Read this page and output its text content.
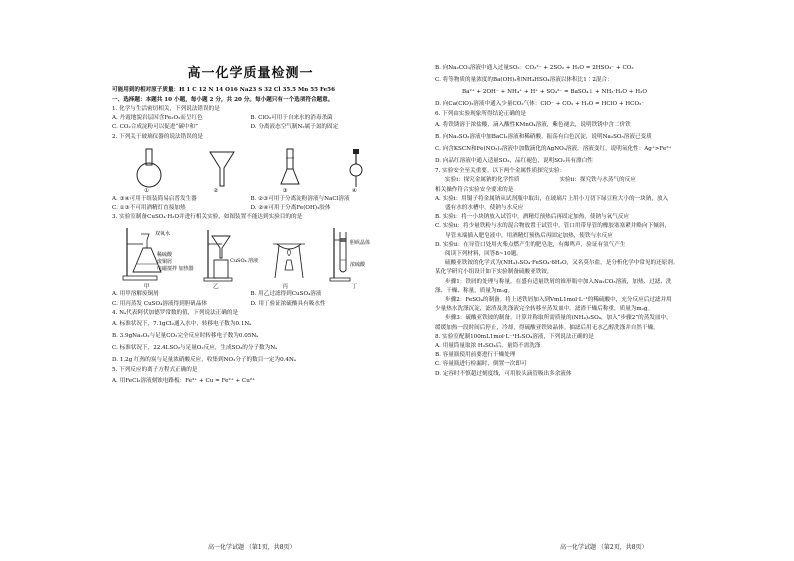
高一化学质量检测一
可能用到的相对原子质量：H 1 C 12 N 14 O16 Na23 S 32 Cl 35.5 Mn 55 Fe56
一、选择题：本题共 10 小题，每小题 2 分，共 20 分。每小题只有一个选项符合题意。
1. 化学与生活密切相关，下列说法错误的是
A. 丹霞地貌岩层因含Fe₂O₃而呈红色	B. ClO₂可用于自来水的消毒杀菌
C. CO₂合成淀粉可以促进“碳中和”	D. 分离液态空气制N₂属于氮的固定
2. 下列关于玻璃仪器的说法错误的是
①	②	③	④
A. ③④可用于组装简易启普发生器	B. ②③可用于分离淀粉溶液与NaCl溶液
C. ①③不可用酒精灯直接加热	D. ②④可用于分离Fe(OH)₃胶体
3. 实验室制备CuSO₄·H₂O并进行相关实验，如图装置不能达到实验目的的是
双氧水
稀硫酸
废铜屑
电磁搅拌 加热器
CuSO₄ 溶液
胆矾晶体
浓硫酸
甲	乙	丙	丁
A. 用甲溶解废铜屑	B. 用乙过滤得到CuSO₄溶液
C. 用丙蒸发 CuSO₄溶液得到胆矾晶体	D. 用丁验证浓硫酸具有吸水性
4. Nₐ代表阿伏加德罗常数的值，下列说法正确的是
A. 标准状况下，7.1gCl₂通入水中，转移电子数为0.1Nₐ
B. 3.9gNa₂O₂与足量CO₂完全反应时转移电子数为0.05Nₐ
C. 标准状况下，22.4LSO₂与足量O₂反应，生成SO₃的分子数为Nₐ
D. 1.2g 红热的炭与足量浓硝酸反应，收集到NO₂分子的数目一定为0.4Nₐ
5. 下列反应的离子方程式正确的是
A. 用FeCl₃溶液刻蚀电路板：Fe³⁺ + Cu = Fe²⁺ + Cu²⁺
高一化学试题 （第1页，共8页）
B. 向Na₂CO₃溶液中通入过量SO₂：CO₃²⁻ + 2SO₂ + H₂O = 2HSO₃⁻ + CO₂
C. 将等物质的量浓度的Ba(OH)₂和NH₄HSO₄溶液以体积比1∶2混合：
Ba²⁺ + 2OH⁻ + NH₄⁺ + H⁺ + SO₄²⁻ = BaSO₄↓ + NH₃·H₂O + H₂O
D. 向Ca(ClO)₂溶液中通入少量CO₂气体：ClO⁻ + CO₂ + H₂O = HClO + HCO₃⁻
6. 下列由实验现象所得结论正确的是
A. 将铁锈溶于浓盐酸，滴入酸性KMnO₄溶液，紫色褪去，说明铁锈中含二价铁
B. 向Na₂SO₃溶液中加BaCl₂溶液和稀硝酸，振荡有白色沉淀，说明Na₂SO₃溶液已变质
C. 向含KSCN和Fe(NO₃)₂溶液中加数滴化的AgNO₃溶液，溶液变红，说明氧化性：Ag⁺>Fe³⁺
D. 向品红溶液中通入适量SO₂，品红褪色，说明SO₂具有漂白性
7. 实验安全至关重要。以下两个金属性质探究实验：
实验i：探究金属钠的化学性质	实验ii：探究铁与水蒸气的反应
相关操作符合实验安全要求的是
A. 实验i：用镊子将金属钠从试剂瓶中取出，在玻璃片上用小刀切下绿豆粒大小的一块钠，放入
盛有水的水槽中，使钠与水反应
B. 实验i：将一小块钠放入试管中，酒精灯预热后再固定加热，使钠与氧气反应
C. 实验ii：将少量铁粉与水的混合物放置于试管中，管口用带导管的橡胶塞塞紧并略向下倾斜，
导管末端插入肥皂液中，用酒精灯预热后再固定加热，使铁与水反应
D. 实验ii：在导管口处用火柴点燃产生的肥皂泡，有爆鸣声，验证有氢气产生
阅读下列材料，回答8~10题。
硫酸亚铁铵的化学式为(NH₄)₂SO₄·FeSO₄·6H₂O，又名莫尔盐，是分析化学中常见的还原剂。
某化学研究小组设计如下实验制备硫酸亚铁铵。
步骤1：铁屑的处理与称量。在盛有适量铁屑的锥形瓶中加入Na₂CO₃溶液，加热、过滤、洗
涤、干燥、称量，质量为m₁g。
步骤2：FeSO₄的制备。将上述铁屑加入到VmL1mol·L⁻¹的稀硫酸中，充分反应后过滤并用
少量热水洗涤沉淀，滤渣及洗涤液完全转移至蒸发皿中。滤渣干燥后称重，质量为m₂g。
步骤3：硫酸亚铁铵的制备。计算并称取所需质量的(NH₄)₂SO₄，加入“步骤2”的蒸发皿中，
缓缓加热一段时间后停止，冷却，得硫酸亚铁铵晶体。抽滤后用无水乙醇洗涤并自然干燥。
8. 实验室配制100mL1mol·L⁻¹H₂SO₄溶液，下列说法正确的是
A. 用量筒量取浓 H₂SO₄后，量筒不需洗涤
B. 容量瓶使用前要进行干燥处理
C. 容量瓶进行检漏时，倒置一次即可
D. 定容时不慎超过刻度线，可用胶头滴管吸出多余液体
高一化学试题 （第2页，共8页）
